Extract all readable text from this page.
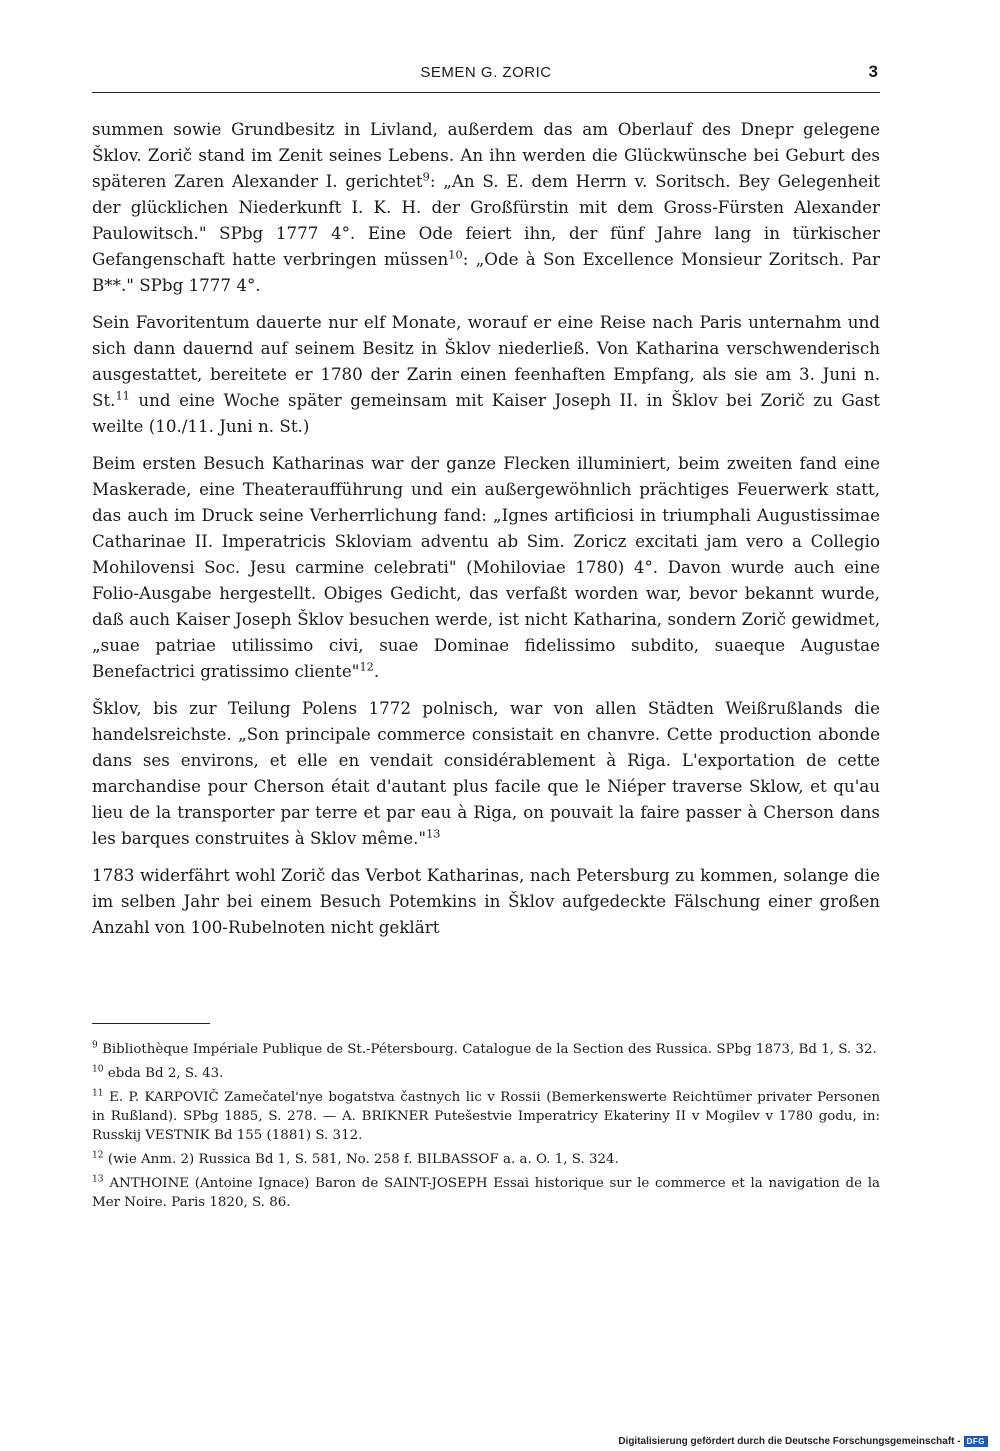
SEMEN G. ZORIC	3

summen sowie Grundbesitz in Livland, außerdem das am Oberlauf des Dnepr gelegene Šklov. Zorič stand im Zenit seines Lebens. An ihn werden die Glückwünsche bei Geburt des späteren Zaren Alexander I. gerichtet$^9$: „An S. E. dem Herrn v. Soritsch. Bey Gelegenheit der glücklichen Niederkunft I. K. H. der Großfürstin mit dem Gross-Fürsten Alexander Paulowitsch." SPbg 1777 4°. Eine Ode feiert ihn, der fünf Jahre lang in türkischer Gefangenschaft hatte verbringen müssen$^{10}$: „Ode à Son Excellence Monsieur Zoritsch. Par B**." SPbg 1777 4°.

Sein Favoritentum dauerte nur elf Monate, worauf er eine Reise nach Paris unternahm und sich dann dauernd auf seinem Besitz in Šklov niederließ. Von Katharina verschwenderisch ausgestattet, bereitete er 1780 der Zarin einen feenhaften Empfang, als sie am 3. Juni n. St.$^{11}$ und eine Woche später gemeinsam mit Kaiser Joseph II. in Šklov bei Zorič zu Gast weilte (10./11. Juni n. St.)

Beim ersten Besuch Katharinas war der ganze Flecken illuminiert, beim zweiten fand eine Maskerade, eine Theateraufführung und ein außergewöhnlich prächtiges Feuerwerk statt, das auch im Druck seine Verherrlichung fand: „Ignes artificiosi in triumphali Augustissimae Catharinae II. Imperatricis Skloviam adventu ab Sim. Zoricz excitati jam vero a Collegio Mohilovensi Soc. Jesu carmine celebrati" (Mohiloviae 1780) 4°. Davon wurde auch eine Folio-Ausgabe hergestellt. Obiges Gedicht, das verfaßt worden war, bevor bekannt wurde, daß auch Kaiser Joseph Šklov besuchen werde, ist nicht Katharina, sondern Zorič gewidmet, „suae patriae utilissimo civi, suae Dominae fidelissimo subdito, suaeque Augustae Benefactrici gratissimo cliente"$^{12}$.

Šklov, bis zur Teilung Polens 1772 polnisch, war von allen Städten Weißrußlands die handelsreichste. „Son principale commerce consistait en chanvre. Cette production abonde dans ses environs, et elle en vendait considérablement à Riga. L'exportation de cette marchandise pour Cherson était d'autant plus facile que le Niéper traverse Sklow, et qu'au lieu de la transporter par terre et par eau à Riga, on pouvait la faire passer à Cherson dans les barques construites à Sklov même."$^{13}$

1783 widerfährt wohl Zorič das Verbot Katharinas, nach Petersburg zu kommen, solange die im selben Jahr bei einem Besuch Potemkins in Šklov aufgedeckte Fälschung einer großen Anzahl von 100-Rubelnoten nicht geklärt

$^9$ Bibliothèque Impériale Publique de St.-Pétersbourg. Catalogue de la Section des Russica. SPbg 1873, Bd 1, S. 32.

$^{10}$ ebda Bd 2, S. 43.

$^{11}$ E. P. KARPOVIČ Zamečatel'nye bogatstva častnych lic v Rossii (Bemerkenswerte Reichtümer privater Personen in Rußland). SPbg 1885, S. 278. — A. BRIKNER Putešestvie Imperatricy Ekateriny II v Mogilev v 1780 godu, in: Russkij VESTNIK Bd 155 (1881) S. 312.

$^{12}$ (wie Anm. 2) Russica Bd 1, S. 581, No. 258 f. BILBASSOF a. a. O. 1, S. 324.

$^{13}$ ANTHOINE (Antoine Ignace) Baron de SAINT-JOSEPH Essai historique sur le commerce et la navigation de la Mer Noire. Paris 1820, S. 86.

Digitalisierung gefördert durch die Deutsche Forschungsgemeinschaft - DFG
